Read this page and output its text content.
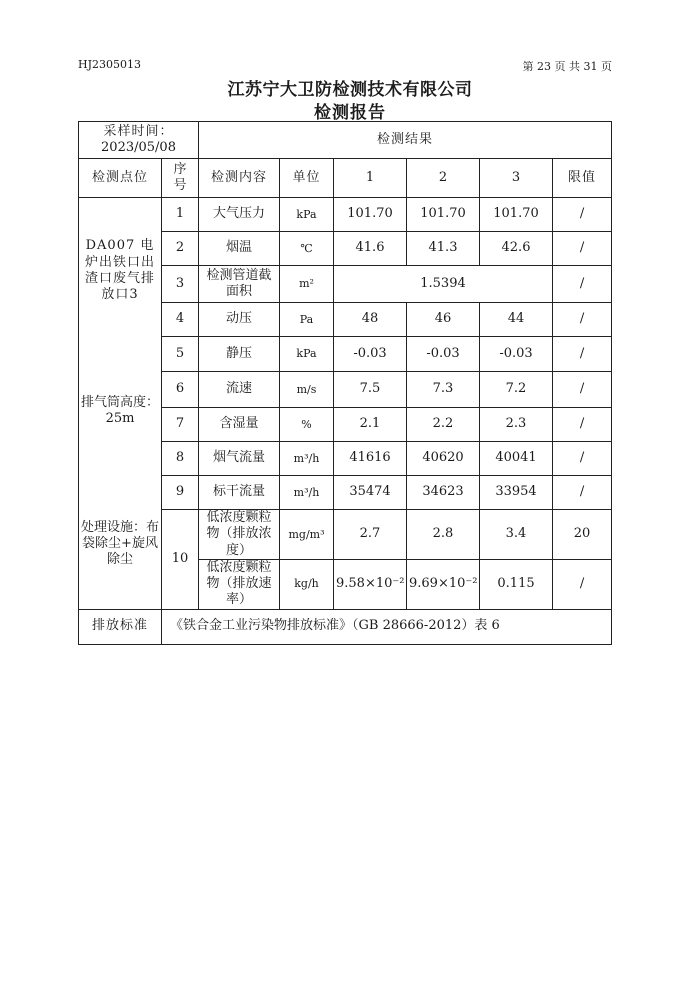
HJ2305013	第 23 页 共 31 页
江苏宁大卫防检测技术有限公司
检测报告
采样时间：
2023/05/08		检测结果					
检测点位	序
号	检测内容	单位	1	2	3	限值

DA007 电炉出铁口出渣口废气排放口3
排气筒高度：25m
处理设施：布袋除尘+旋风除尘	1	大气压力	kPa	101.70	101.70	101.70	/
	2	烟温	℃	41.6	41.3	42.6	/
	3	检测管道截面积	m²	1.5394			/
	4	动压	Pa	48	46	44	/
	5	静压	kPa	-0.03	-0.03	-0.03	/
	6	流速	m/s	7.5	7.3	7.2	/
	7	含湿量	%	2.1	2.2	2.3	/
	8	烟气流量	m³/h	41616	40620	40041	/
	9	标干流量	m³/h	35474	34623	33954	/
	10	低浓度颗粒物（排放浓度）	mg/m³	2.7	2.8	3.4	20
		低浓度颗粒物（排放速率）	kg/h	9.58×10⁻²	9.69×10⁻²	0.115	/
排放标准	《铁合金工业污染物排放标准》（GB 28666-2012）表 6						
